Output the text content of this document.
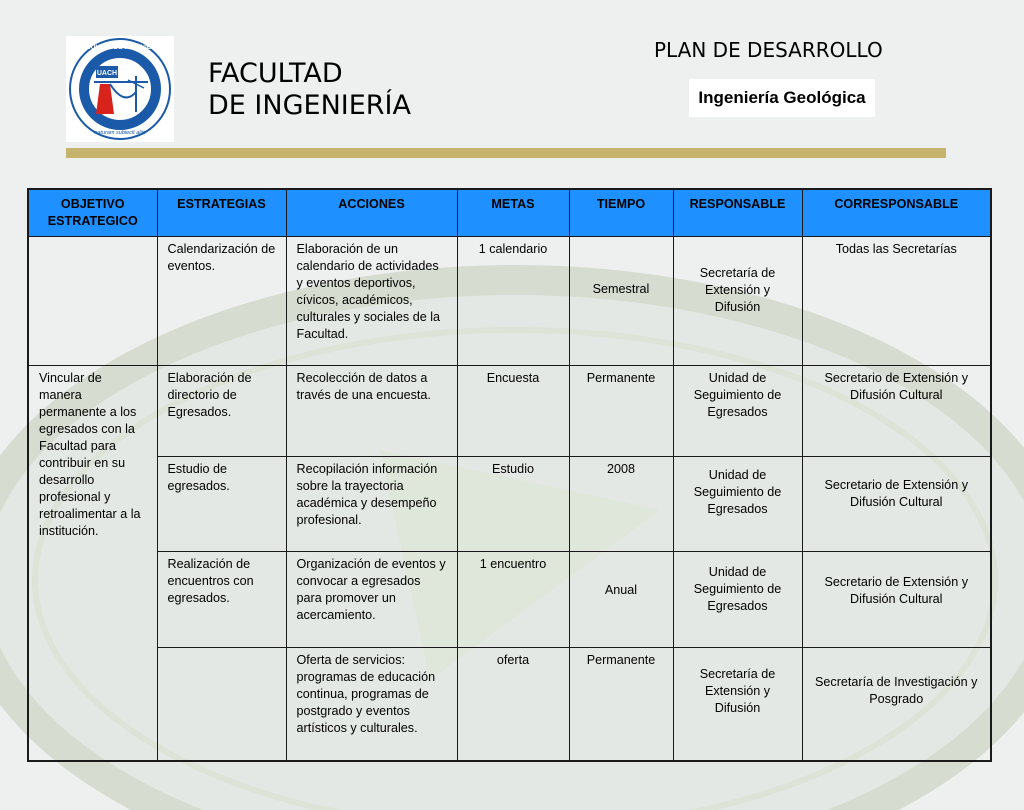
UACH
FACULTAD DE INGENIERIA
naturam subiecit aliis
FACULTAD
DE INGENIERÍA
PLAN DE DESARROLLO
Ingeniería Geológica
OBJETIVO ESTRATEGICO	ESTRATEGIAS	ACCIONES	METAS	TIEMPO	RESPONSABLE	CORRESPONSABLE
	Calendarización de eventos.	Elaboración de un calendario de actividades y eventos deportivos, cívicos, académicos, culturales y sociales de la Facultad.	1 calendario	Semestral	Secretaría de Extensión y Difusión	Todas las Secretarías
Vincular de manera permanente a los egresados con la Facultad para contribuir en su desarrollo profesional y retroalimentar a la institución.	Elaboración de directorio de Egresados.	Recolección de datos a través de una encuesta.	Encuesta	Permanente	Unidad de Seguimiento de Egresados	Secretario de Extensión y Difusión Cultural
	Estudio de egresados.	Recopilación información sobre la trayectoria académica y desempeño profesional.	Estudio	2008	Unidad de Seguimiento de Egresados	Secretario de Extensión y Difusión Cultural
	Realización de encuentros con egresados.	Organización de eventos y convocar a egresados para promover un acercamiento.	1 encuentro	Anual	Unidad de Seguimiento de Egresados	Secretario de Extensión y Difusión Cultural
		Oferta de servicios: programas de educación continua, programas de postgrado y eventos artísticos y culturales.	oferta	Permanente	Secretaría de Extensión y Difusión	Secretaría de Investigación y Posgrado
